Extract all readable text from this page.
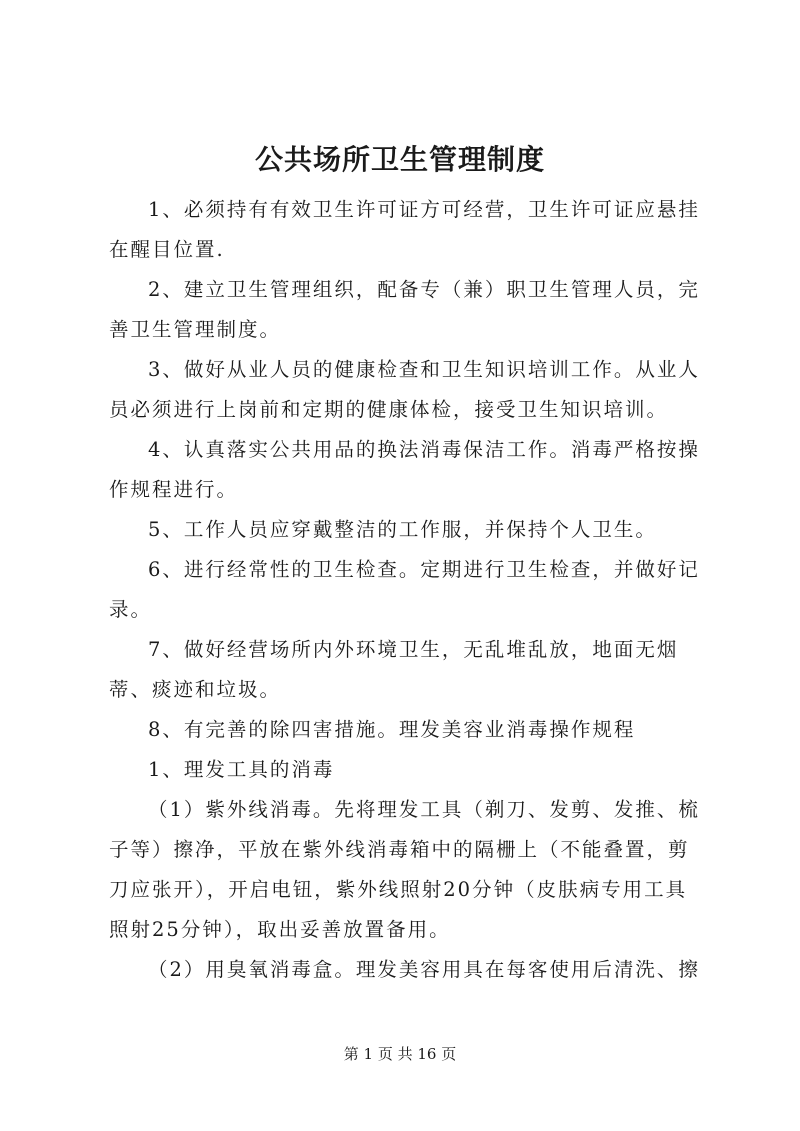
公共场所卫生管理制度

1、必须持有有效卫生许可证方可经营，卫生许可证应悬挂在醒目位置.

2、建立卫生管理组织，配备专（兼）职卫生管理人员，完善卫生管理制度。

3、做好从业人员的健康检查和卫生知识培训工作。从业人员必须进行上岗前和定期的健康体检，接受卫生知识培训。

4、认真落实公共用品的换法消毒保洁工作。消毒严格按操作规程进行。

5、工作人员应穿戴整洁的工作服，并保持个人卫生。

6、进行经常性的卫生检查。定期进行卫生检查，并做好记录。

7、做好经营场所内外环境卫生，无乱堆乱放，地面无烟蒂、痰迹和垃圾。

8、有完善的除四害措施。理发美容业消毒操作规程

1、理发工具的消毒

（1）紫外线消毒。先将理发工具（剃刀、发剪、发推、梳子等）擦净，平放在紫外线消毒箱中的隔栅上（不能叠置，剪刀应张开），开启电钮，紫外线照射20分钟（皮肤病专用工具照射25分钟），取出妥善放置备用。

（2）用臭氧消毒盒。理发美容用具在每客使用后清洗、擦

第 1 页 共 16 页
